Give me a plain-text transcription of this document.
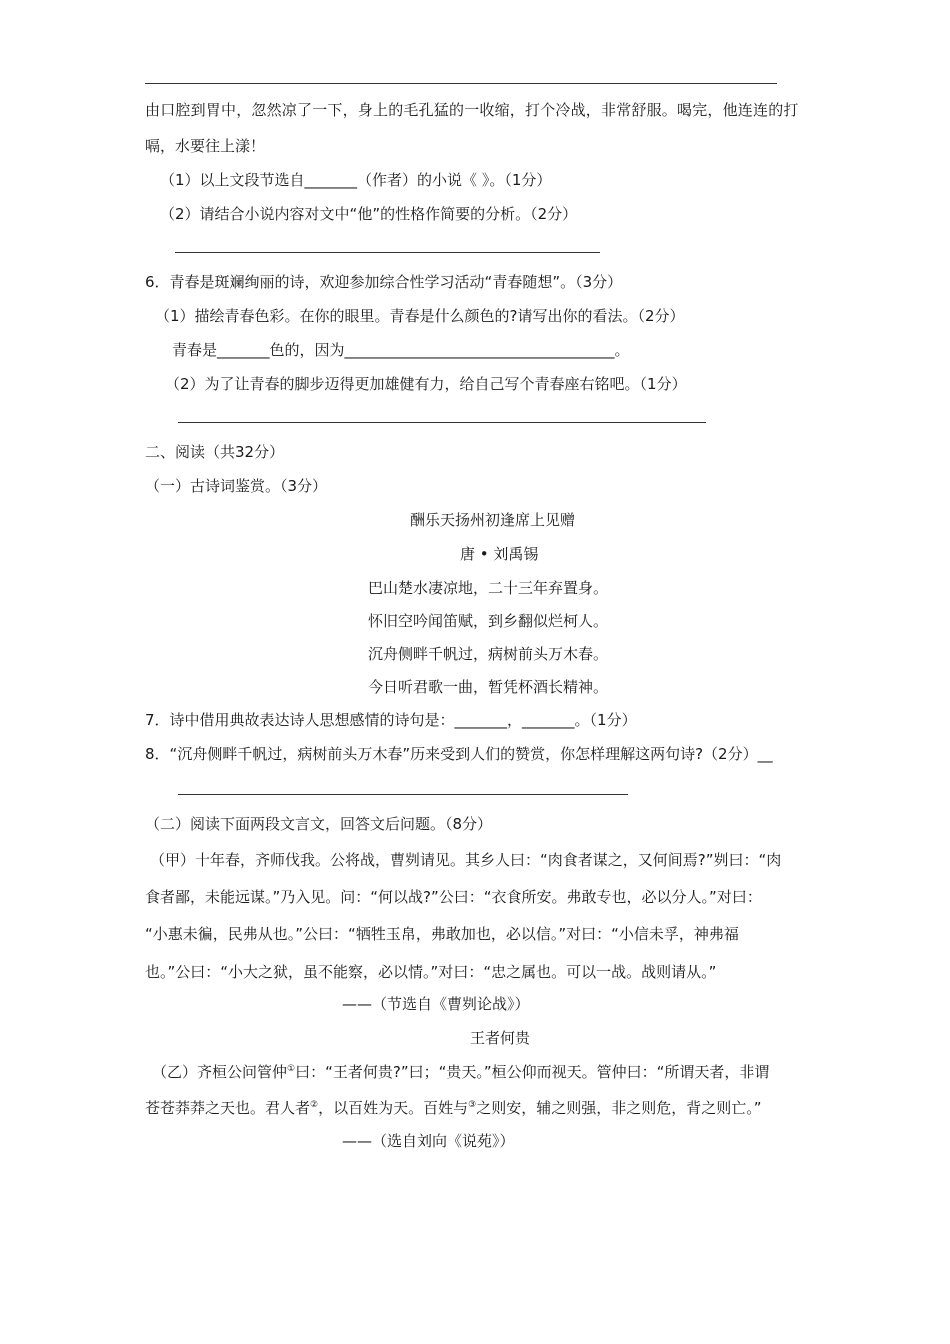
由口腔到胃中，忽然凉了一下，身上的毛孔猛的一收缩，打个冷战，非常舒服。喝完，他连连的打
嗝，水要往上漾！
（1）以上文段节选自_______（作者）的小说《 》。（1分）
（2）请结合小说内容对文中“他”的性格作简要的分析。（2分）
6．青春是斑斓绚丽的诗，欢迎参加综合性学习活动“青春随想”。（3分）
（1）描绘青春色彩。在你的眼里。青春是什么颜色的?请写出你的看法。（2分）
青春是_______色的，因为____________________________________。
（2）为了让青春的脚步迈得更加雄健有力，给自己写个青春座右铭吧。（1分）
二、阅读（共32分）
（一）古诗词鉴赏。（3分）
酬乐天扬州初逢席上见赠
唐 • 刘禹锡
巴山楚水凄凉地，二十三年弃置身。
怀旧空吟闻笛赋，到乡翻似烂柯人。
沉舟侧畔千帆过，病树前头万木春。
今日听君歌一曲，暂凭杯酒长精神。
7．诗中借用典故表达诗人思想感情的诗句是：_______，_______。（1分）
8．“沉舟侧畔千帆过，病树前头万木春”历来受到人们的赞赏，你怎样理解这两句诗?（2分）__
（二）阅读下面两段文言文，回答文后问题。（8分）
（甲）十年春，齐师伐我。公将战，曹刿请见。其乡人曰：“肉食者谋之，又何间焉?”刿曰：“肉
食者鄙，未能远谋。”乃入见。问：“何以战?”公曰：“衣食所安。弗敢专也，必以分人。”对曰：
“小惠未徧，民弗从也。”公曰：“牺牲玉帛，弗敢加也，必以信。”对曰：“小信未孚，神弗福
也。”公曰：“小大之狱，虽不能察，必以情。”对曰：“忠之属也。可以一战。战则请从。”
——（节选自《曹刿论战》）
王者何贵
（乙）齐桓公问管仲①曰：“王者何贵?”曰；“贵天。”桓公仰而视天。管仲曰：“所谓天者，非谓
苍苍莽莽之天也。君人者②，以百姓为天。百姓与③之则安，辅之则强，非之则危，背之则亡。”
——（选自刘向《说苑》）
